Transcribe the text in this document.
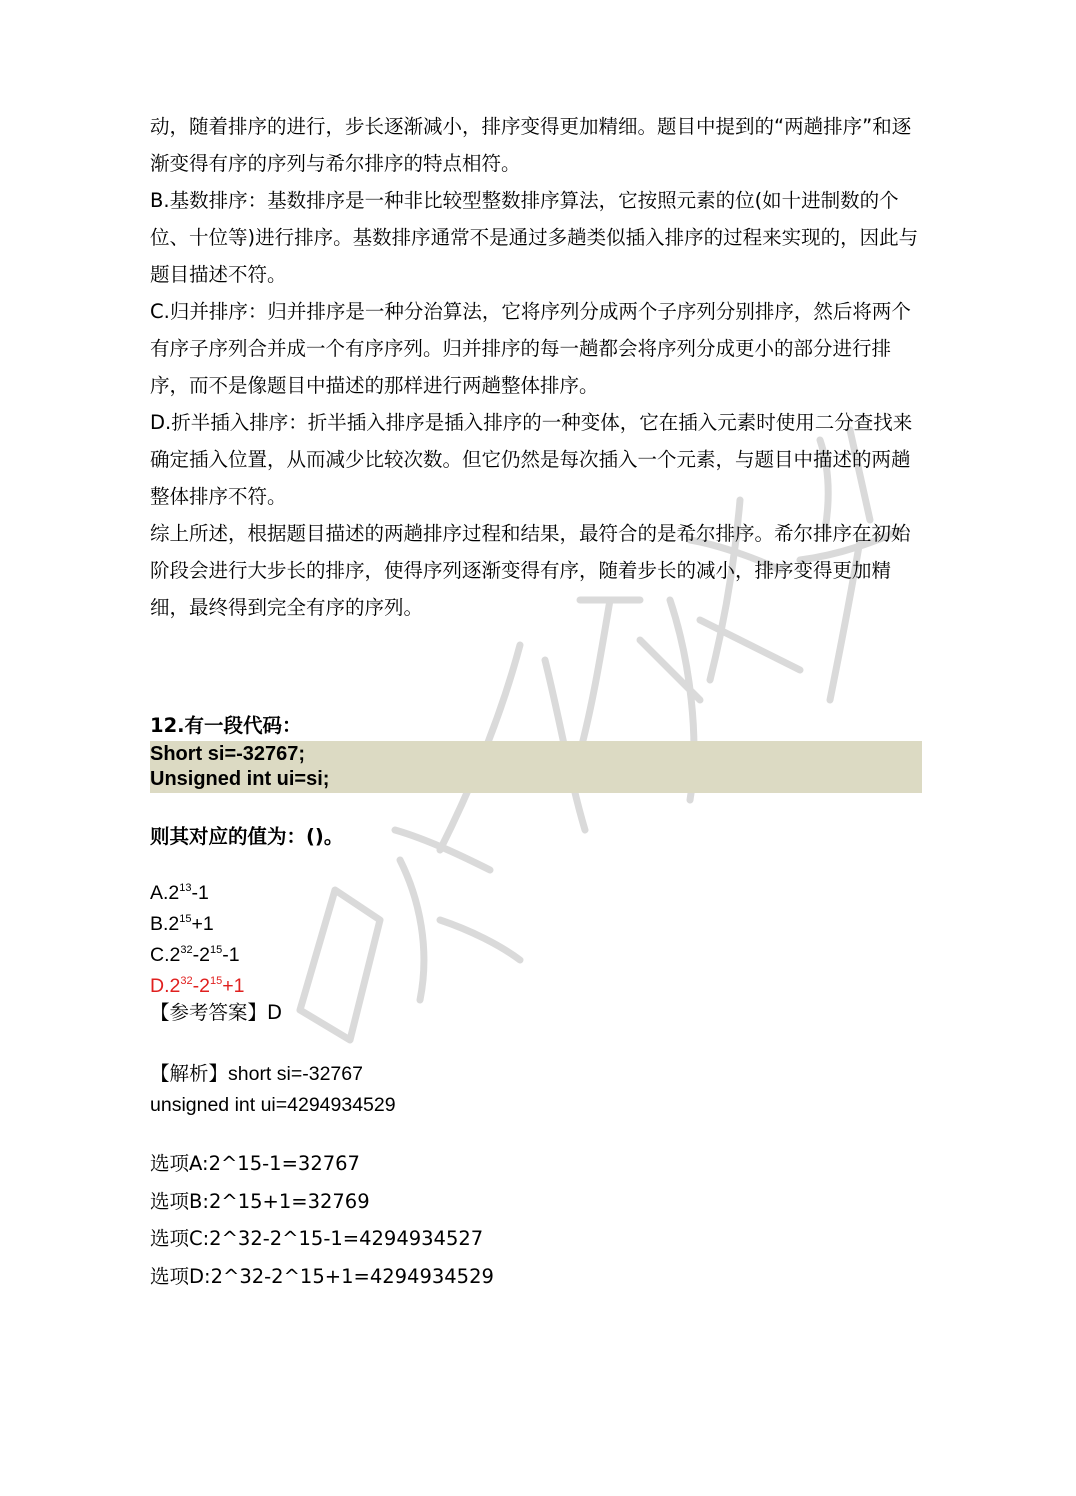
动，随着排序的进行，步长逐渐减小，排序变得更加精细。题目中提到的“两趟排序”和逐渐变得有序的序列与希尔排序的特点相符。

B.基数排序：基数排序是一种非比较型整数排序算法，它按照元素的位(如十进制数的个位、十位等)进行排序。基数排序通常不是通过多趟类似插入排序的过程来实现的，因此与题目描述不符。

C.归并排序：归并排序是一种分治算法，它将序列分成两个子序列分别排序，然后将两个有序子序列合并成一个有序序列。归并排序的每一趟都会将序列分成更小的部分进行排序，而不是像题目中描述的那样进行两趟整体排序。

D.折半插入排序：折半插入排序是插入排序的一种变体，它在插入元素时使用二分查找来确定插入位置，从而减少比较次数。但它仍然是每次插入一个元素，与题目中描述的两趟整体排序不符。

综上所述，根据题目描述的两趟排序过程和结果，最符合的是希尔排序。希尔排序在初始阶段会进行大步长的排序，使得序列逐渐变得有序，随着步长的减小，排序变得更加精细，最终得到完全有序的序列。

12.有一段代码：

Short si=-32767;
Unsigned int ui=si;

则其对应的值为：()。

$A.2^{13}-1$
$B.2^{15}+1$
$C.2^{32}-2^{15}-1$
$D.2^{32}-2^{15}+1$
【参考答案】D
【解析】short si=-32767
unsigned int ui=4294934529
选项A:2^15-1=32767
选项B:2^15+1=32769
选项C:2^32-2^15-1=4294934527
选项D:2^32-2^15+1=4294934529
